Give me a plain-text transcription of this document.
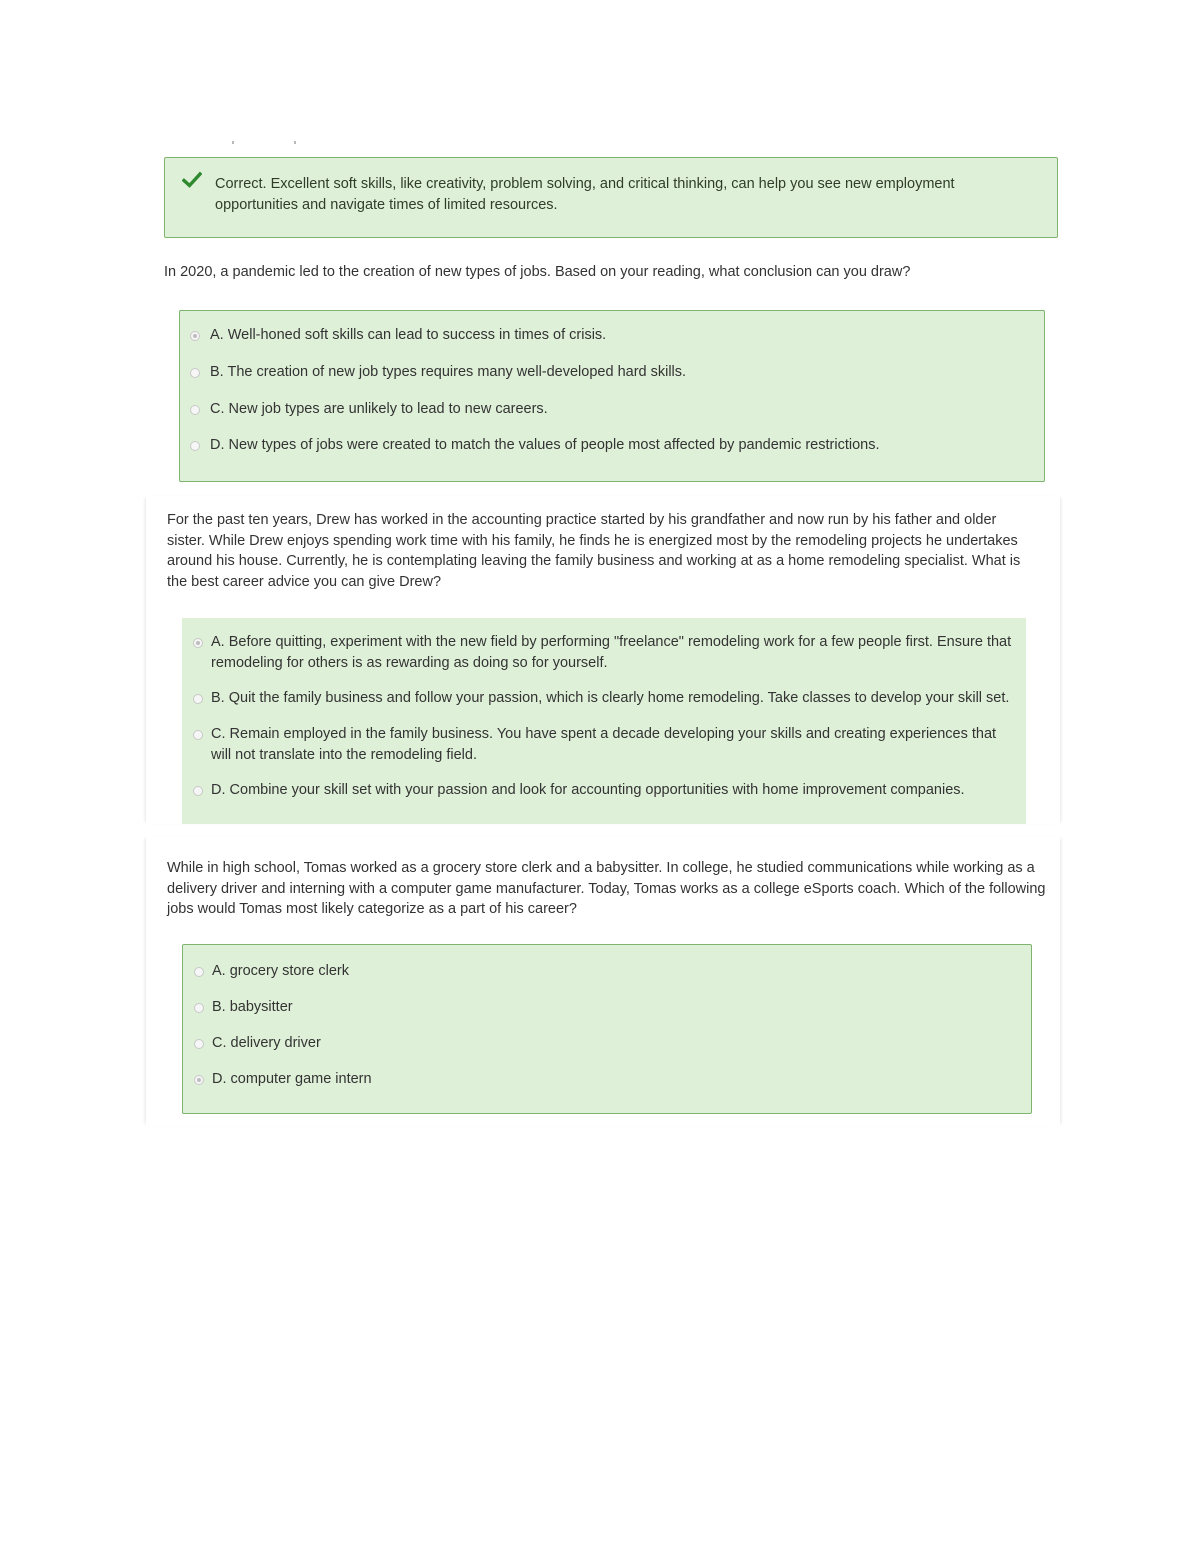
Correct. Excellent soft skills, like creativity, problem solving, and critical thinking, can help you see new employment opportunities and navigate times of limited resources.
In 2020, a pandemic led to the creation of new types of jobs. Based on your reading, what conclusion can you draw?
A. Well-honed soft skills can lead to success in times of crisis.
B. The creation of new job types requires many well-developed hard skills.
C. New job types are unlikely to lead to new careers.
D. New types of jobs were created to match the values of people most affected by pandemic restrictions.
For the past ten years, Drew has worked in the accounting practice started by his grandfather and now run by his father and older sister. While Drew enjoys spending work time with his family, he finds he is energized most by the remodeling projects he undertakes around his house. Currently, he is contemplating leaving the family business and working at as a home remodeling specialist. What is the best career advice you can give Drew?
A. Before quitting, experiment with the new field by performing "freelance" remodeling work for a few people first. Ensure that remodeling for others is as rewarding as doing so for yourself.
B. Quit the family business and follow your passion, which is clearly home remodeling. Take classes to develop your skill set.
C. Remain employed in the family business. You have spent a decade developing your skills and creating experiences that will not translate into the remodeling field.
D. Combine your skill set with your passion and look for accounting opportunities with home improvement companies.
While in high school, Tomas worked as a grocery store clerk and a babysitter. In college, he studied communications while working as a delivery driver and interning with a computer game manufacturer. Today, Tomas works as a college eSports coach. Which of the following jobs would Tomas most likely categorize as a part of his career?
A. grocery store clerk
B. babysitter
C. delivery driver
D. computer game intern
